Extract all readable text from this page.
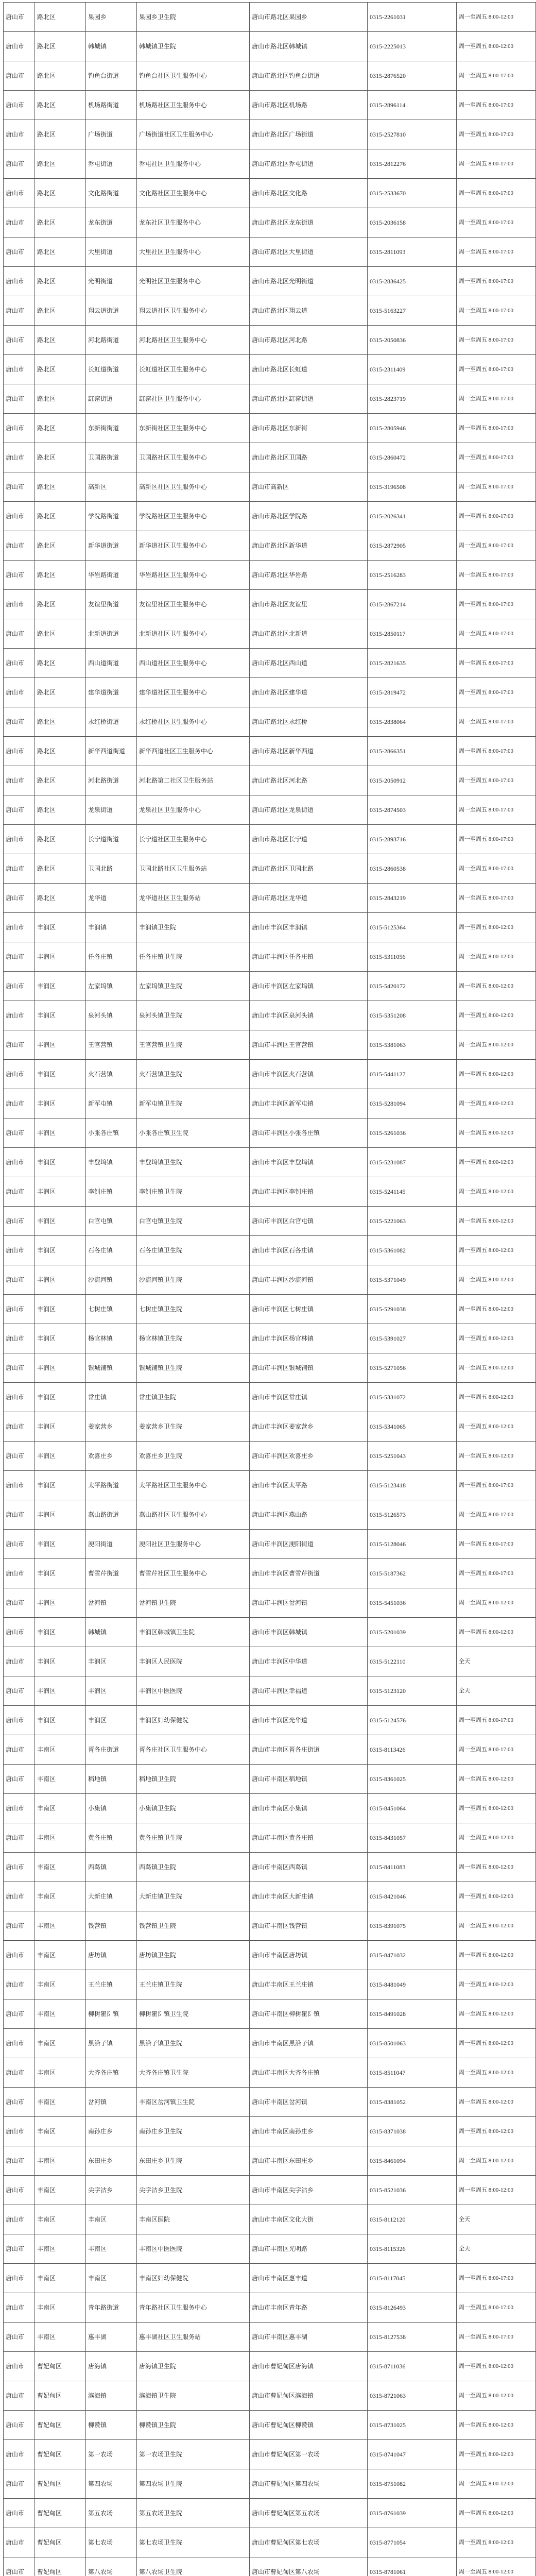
唐山市	路北区	果园乡	果园乡卫生院	唐山市路北区果园乡	0315-2261031	周一至周五 8:00-12:00
唐山市	路北区	韩城镇	韩城镇卫生院	唐山市路北区韩城镇	0315-2225013	周一至周五 8:00-12:00
唐山市	路北区	钓鱼台街道	钓鱼台社区卫生服务中心	唐山市路北区钓鱼台街道	0315-2876520	周一至周五 8:00-17:00
唐山市	路北区	机场路街道	机场路社区卫生服务中心	唐山市路北区机场路	0315-2896114	周一至周五 8:00-17:00
唐山市	路北区	广场街道	广场街道社区卫生服务中心	唐山市路北区广场街道	0315-2527810	周一至周五 8:00-17:00
唐山市	路北区	乔屯街道	乔屯社区卫生服务中心	唐山市路北区乔屯街道	0315-2812276	周一至周五 8:00-17:00
唐山市	路北区	文化路街道	文化路社区卫生服务中心	唐山市路北区文化路	0315-2533670	周一至周五 8:00-17:00
唐山市	路北区	龙东街道	龙东社区卫生服务中心	唐山市路北区龙东街道	0315-2036158	周一至周五 8:00-17:00
唐山市	路北区	大里街道	大里社区卫生服务中心	唐山市路北区大里街道	0315-2811093	周一至周五 8:00-17:00
唐山市	路北区	光明街道	光明社区卫生服务中心	唐山市路北区光明街道	0315-2836425	周一至周五 8:00-17:00
唐山市	路北区	翔云道街道	翔云道社区卫生服务中心	唐山市路北区翔云道	0315-5163227	周一至周五 8:00-17:00
唐山市	路北区	河北路街道	河北路社区卫生服务中心	唐山市路北区河北路	0315-2050836	周一至周五 8:00-17:00
唐山市	路北区	长虹道街道	长虹道社区卫生服务中心	唐山市路北区长虹道	0315-2311409	周一至周五 8:00-17:00
唐山市	路北区	缸窑街道	缸窑社区卫生服务中心	唐山市路北区缸窑街道	0315-2823719	周一至周五 8:00-17:00
唐山市	路北区	东新街街道	东新街社区卫生服务中心	唐山市路北区东新街	0315-2805946	周一至周五 8:00-17:00
唐山市	路北区	卫国路街道	卫国路社区卫生服务中心	唐山市路北区卫国路	0315-2860472	周一至周五 8:00-17:00
唐山市	路北区	高新区	高新区社区卫生服务中心	唐山市高新区	0315-3196508	周一至周五 8:00-17:00
唐山市	路北区	学院路街道	学院路社区卫生服务中心	唐山市路北区学院路	0315-2026341	周一至周五 8:00-17:00
唐山市	路北区	新华道街道	新华道社区卫生服务中心	唐山市路北区新华道	0315-2872905	周一至周五 8:00-17:00
唐山市	路北区	华岩路街道	华岩路社区卫生服务中心	唐山市路北区华岩路	0315-2516283	周一至周五 8:00-17:00
唐山市	路北区	友谊里街道	友谊里社区卫生服务中心	唐山市路北区友谊里	0315-2867214	周一至周五 8:00-17:00
唐山市	路北区	北新道街道	北新道社区卫生服务中心	唐山市路北区北新道	0315-2850117	周一至周五 8:00-17:00
唐山市	路北区	西山道街道	西山道社区卫生服务中心	唐山市路北区西山道	0315-2821635	周一至周五 8:00-17:00
唐山市	路北区	建华道街道	建华道社区卫生服务中心	唐山市路北区建华道	0315-2819472	周一至周五 8:00-17:00
唐山市	路北区	永红桥街道	永红桥社区卫生服务中心	唐山市路北区永红桥	0315-2838064	周一至周五 8:00-17:00
唐山市	路北区	新华西道街道	新华西道社区卫生服务中心	唐山市路北区新华西道	0315-2866351	周一至周五 8:00-17:00
唐山市	路北区	河北路街道	河北路第二社区卫生服务站	唐山市路北区河北路	0315-2050912	周一至周五 8:00-17:00
唐山市	路北区	龙泉街道	龙泉社区卫生服务中心	唐山市路北区龙泉街道	0315-2874503	周一至周五 8:00-17:00
唐山市	路北区	长宁道街道	长宁道社区卫生服务中心	唐山市路北区长宁道	0315-2893716	周一至周五 8:00-17:00
唐山市	路北区	卫国北路	卫国北路社区卫生服务站	唐山市路北区卫国北路	0315-2860538	周一至周五 8:00-17:00
唐山市	路北区	龙华道	龙华道社区卫生服务站	唐山市路北区龙华道	0315-2843219	周一至周五 8:00-17:00
唐山市	丰润区	丰润镇	丰润镇卫生院	唐山市丰润区丰润镇	0315-5125364	周一至周五 8:00-12:00
唐山市	丰润区	任各庄镇	任各庄镇卫生院	唐山市丰润区任各庄镇	0315-5311056	周一至周五 8:00-12:00
唐山市	丰润区	左家坞镇	左家坞镇卫生院	唐山市丰润区左家坞镇	0315-5420172	周一至周五 8:00-12:00
唐山市	丰润区	泉河头镇	泉河头镇卫生院	唐山市丰润区泉河头镇	0315-5351208	周一至周五 8:00-12:00
唐山市	丰润区	王官营镇	王官营镇卫生院	唐山市丰润区王官营镇	0315-5381063	周一至周五 8:00-12:00
唐山市	丰润区	火石营镇	火石营镇卫生院	唐山市丰润区火石营镇	0315-5441127	周一至周五 8:00-12:00
唐山市	丰润区	新军屯镇	新军屯镇卫生院	唐山市丰润区新军屯镇	0315-5281094	周一至周五 8:00-12:00
唐山市	丰润区	小张各庄镇	小张各庄镇卫生院	唐山市丰润区小张各庄镇	0315-5261036	周一至周五 8:00-12:00
唐山市	丰润区	丰登坞镇	丰登坞镇卫生院	唐山市丰润区丰登坞镇	0315-5231087	周一至周五 8:00-12:00
唐山市	丰润区	李钊庄镇	李钊庄镇卫生院	唐山市丰润区李钊庄镇	0315-5241145	周一至周五 8:00-12:00
唐山市	丰润区	白官屯镇	白官屯镇卫生院	唐山市丰润区白官屯镇	0315-5221063	周一至周五 8:00-12:00
唐山市	丰润区	石各庄镇	石各庄镇卫生院	唐山市丰润区石各庄镇	0315-5361082	周一至周五 8:00-12:00
唐山市	丰润区	沙流河镇	沙流河镇卫生院	唐山市丰润区沙流河镇	0315-5371049	周一至周五 8:00-12:00
唐山市	丰润区	七树庄镇	七树庄镇卫生院	唐山市丰润区七树庄镇	0315-5291038	周一至周五 8:00-12:00
唐山市	丰润区	杨官林镇	杨官林镇卫生院	唐山市丰润区杨官林镇	0315-5391027	周一至周五 8:00-12:00
唐山市	丰润区	银城铺镇	银城铺镇卫生院	唐山市丰润区银城铺镇	0315-5271056	周一至周五 8:00-12:00
唐山市	丰润区	常庄镇	常庄镇卫生院	唐山市丰润区常庄镇	0315-5331072	周一至周五 8:00-12:00
唐山市	丰润区	姜家营乡	姜家营乡卫生院	唐山市丰润区姜家营乡	0315-5341065	周一至周五 8:00-12:00
唐山市	丰润区	欢喜庄乡	欢喜庄乡卫生院	唐山市丰润区欢喜庄乡	0315-5251043	周一至周五 8:00-12:00
唐山市	丰润区	太平路街道	太平路社区卫生服务中心	唐山市丰润区太平路	0315-5123418	周一至周五 8:00-17:00
唐山市	丰润区	燕山路街道	燕山路社区卫生服务中心	唐山市丰润区燕山路	0315-5126573	周一至周五 8:00-17:00
唐山市	丰润区	浭阳街道	浭阳社区卫生服务中心	唐山市丰润区浭阳街道	0315-5128046	周一至周五 8:00-17:00
唐山市	丰润区	曹雪芹街道	曹雪芹社区卫生服务中心	唐山市丰润区曹雪芹街道	0315-5187362	周一至周五 8:00-17:00
唐山市	丰润区	岔河镇	岔河镇卫生院	唐山市丰润区岔河镇	0315-5451036	周一至周五 8:00-12:00
唐山市	丰润区	韩城镇	丰润区韩城镇卫生院	唐山市丰润区韩城镇	0315-5201039	周一至周五 8:00-12:00
唐山市	丰润区	丰润区	丰润区人民医院	唐山市丰润区中华道	0315-5122110	全天
唐山市	丰润区	丰润区	丰润区中医医院	唐山市丰润区幸福道	0315-5123120	全天
唐山市	丰润区	丰润区	丰润区妇幼保健院	唐山市丰润区光华道	0315-5124576	周一至周五 8:00-17:00
唐山市	丰南区	胥各庄街道	胥各庄社区卫生服务中心	唐山市丰南区胥各庄街道	0315-8113426	周一至周五 8:00-17:00
唐山市	丰南区	稻地镇	稻地镇卫生院	唐山市丰南区稻地镇	0315-8361025	周一至周五 8:00-12:00
唐山市	丰南区	小集镇	小集镇卫生院	唐山市丰南区小集镇	0315-8451064	周一至周五 8:00-12:00
唐山市	丰南区	黄各庄镇	黄各庄镇卫生院	唐山市丰南区黄各庄镇	0315-8431057	周一至周五 8:00-12:00
唐山市	丰南区	西葛镇	西葛镇卫生院	唐山市丰南区西葛镇	0315-8411083	周一至周五 8:00-12:00
唐山市	丰南区	大新庄镇	大新庄镇卫生院	唐山市丰南区大新庄镇	0315-8421046	周一至周五 8:00-12:00
唐山市	丰南区	钱营镇	钱营镇卫生院	唐山市丰南区钱营镇	0315-8391075	周一至周五 8:00-12:00
唐山市	丰南区	唐坊镇	唐坊镇卫生院	唐山市丰南区唐坊镇	0315-8471032	周一至周五 8:00-12:00
唐山市	丰南区	王兰庄镇	王兰庄镇卫生院	唐山市丰南区王兰庄镇	0315-8481049	周一至周五 8:00-12:00
唐山市	丰南区	柳树瞿阝镇	柳树瞿阝镇卫生院	唐山市丰南区柳树瞿阝镇	0315-8491028	周一至周五 8:00-12:00
唐山市	丰南区	黑沿子镇	黑沿子镇卫生院	唐山市丰南区黑沿子镇	0315-8501063	周一至周五 8:00-12:00
唐山市	丰南区	大齐各庄镇	大齐各庄镇卫生院	唐山市丰南区大齐各庄镇	0315-8511047	周一至周五 8:00-12:00
唐山市	丰南区	岔河镇	丰南区岔河镇卫生院	唐山市丰南区岔河镇	0315-8381052	周一至周五 8:00-12:00
唐山市	丰南区	南孙庄乡	南孙庄乡卫生院	唐山市丰南区南孙庄乡	0315-8371038	周一至周五 8:00-12:00
唐山市	丰南区	东田庄乡	东田庄乡卫生院	唐山市丰南区东田庄乡	0315-8461094	周一至周五 8:00-12:00
唐山市	丰南区	尖字沽乡	尖字沽乡卫生院	唐山市丰南区尖字沽乡	0315-8521036	周一至周五 8:00-12:00
唐山市	丰南区	丰南区	丰南区医院	唐山市丰南区文化大街	0315-8112120	全天
唐山市	丰南区	丰南区	丰南区中医医院	唐山市丰南区光明路	0315-8115326	全天
唐山市	丰南区	丰南区	丰南区妇幼保健院	唐山市丰南区惠丰道	0315-8117045	周一至周五 8:00-17:00
唐山市	丰南区	青年路街道	青年路社区卫生服务中心	唐山市丰南区青年路	0315-8126493	周一至周五 8:00-17:00
唐山市	丰南区	惠丰湖	惠丰湖社区卫生服务站	唐山市丰南区惠丰湖	0315-8127538	周一至周五 8:00-17:00
唐山市	曹妃甸区	唐海镇	唐海镇卫生院	唐山市曹妃甸区唐海镇	0315-8711036	周一至周五 8:00-12:00
唐山市	曹妃甸区	滨海镇	滨海镇卫生院	唐山市曹妃甸区滨海镇	0315-8721063	周一至周五 8:00-12:00
唐山市	曹妃甸区	柳赞镇	柳赞镇卫生院	唐山市曹妃甸区柳赞镇	0315-8731025	周一至周五 8:00-12:00
唐山市	曹妃甸区	第一农场	第一农场卫生院	唐山市曹妃甸区第一农场	0315-8741047	周一至周五 8:00-12:00
唐山市	曹妃甸区	第四农场	第四农场卫生院	唐山市曹妃甸区第四农场	0315-8751082	周一至周五 8:00-12:00
唐山市	曹妃甸区	第五农场	第五农场卫生院	唐山市曹妃甸区第五农场	0315-8761039	周一至周五 8:00-12:00
唐山市	曹妃甸区	第七农场	第七农场卫生院	唐山市曹妃甸区第七农场	0315-8771054	周一至周五 8:00-12:00
唐山市	曹妃甸区	第八农场	第八农场卫生院	唐山市曹妃甸区第八农场	0315-8781061	周一至周五 8:00-12:00
